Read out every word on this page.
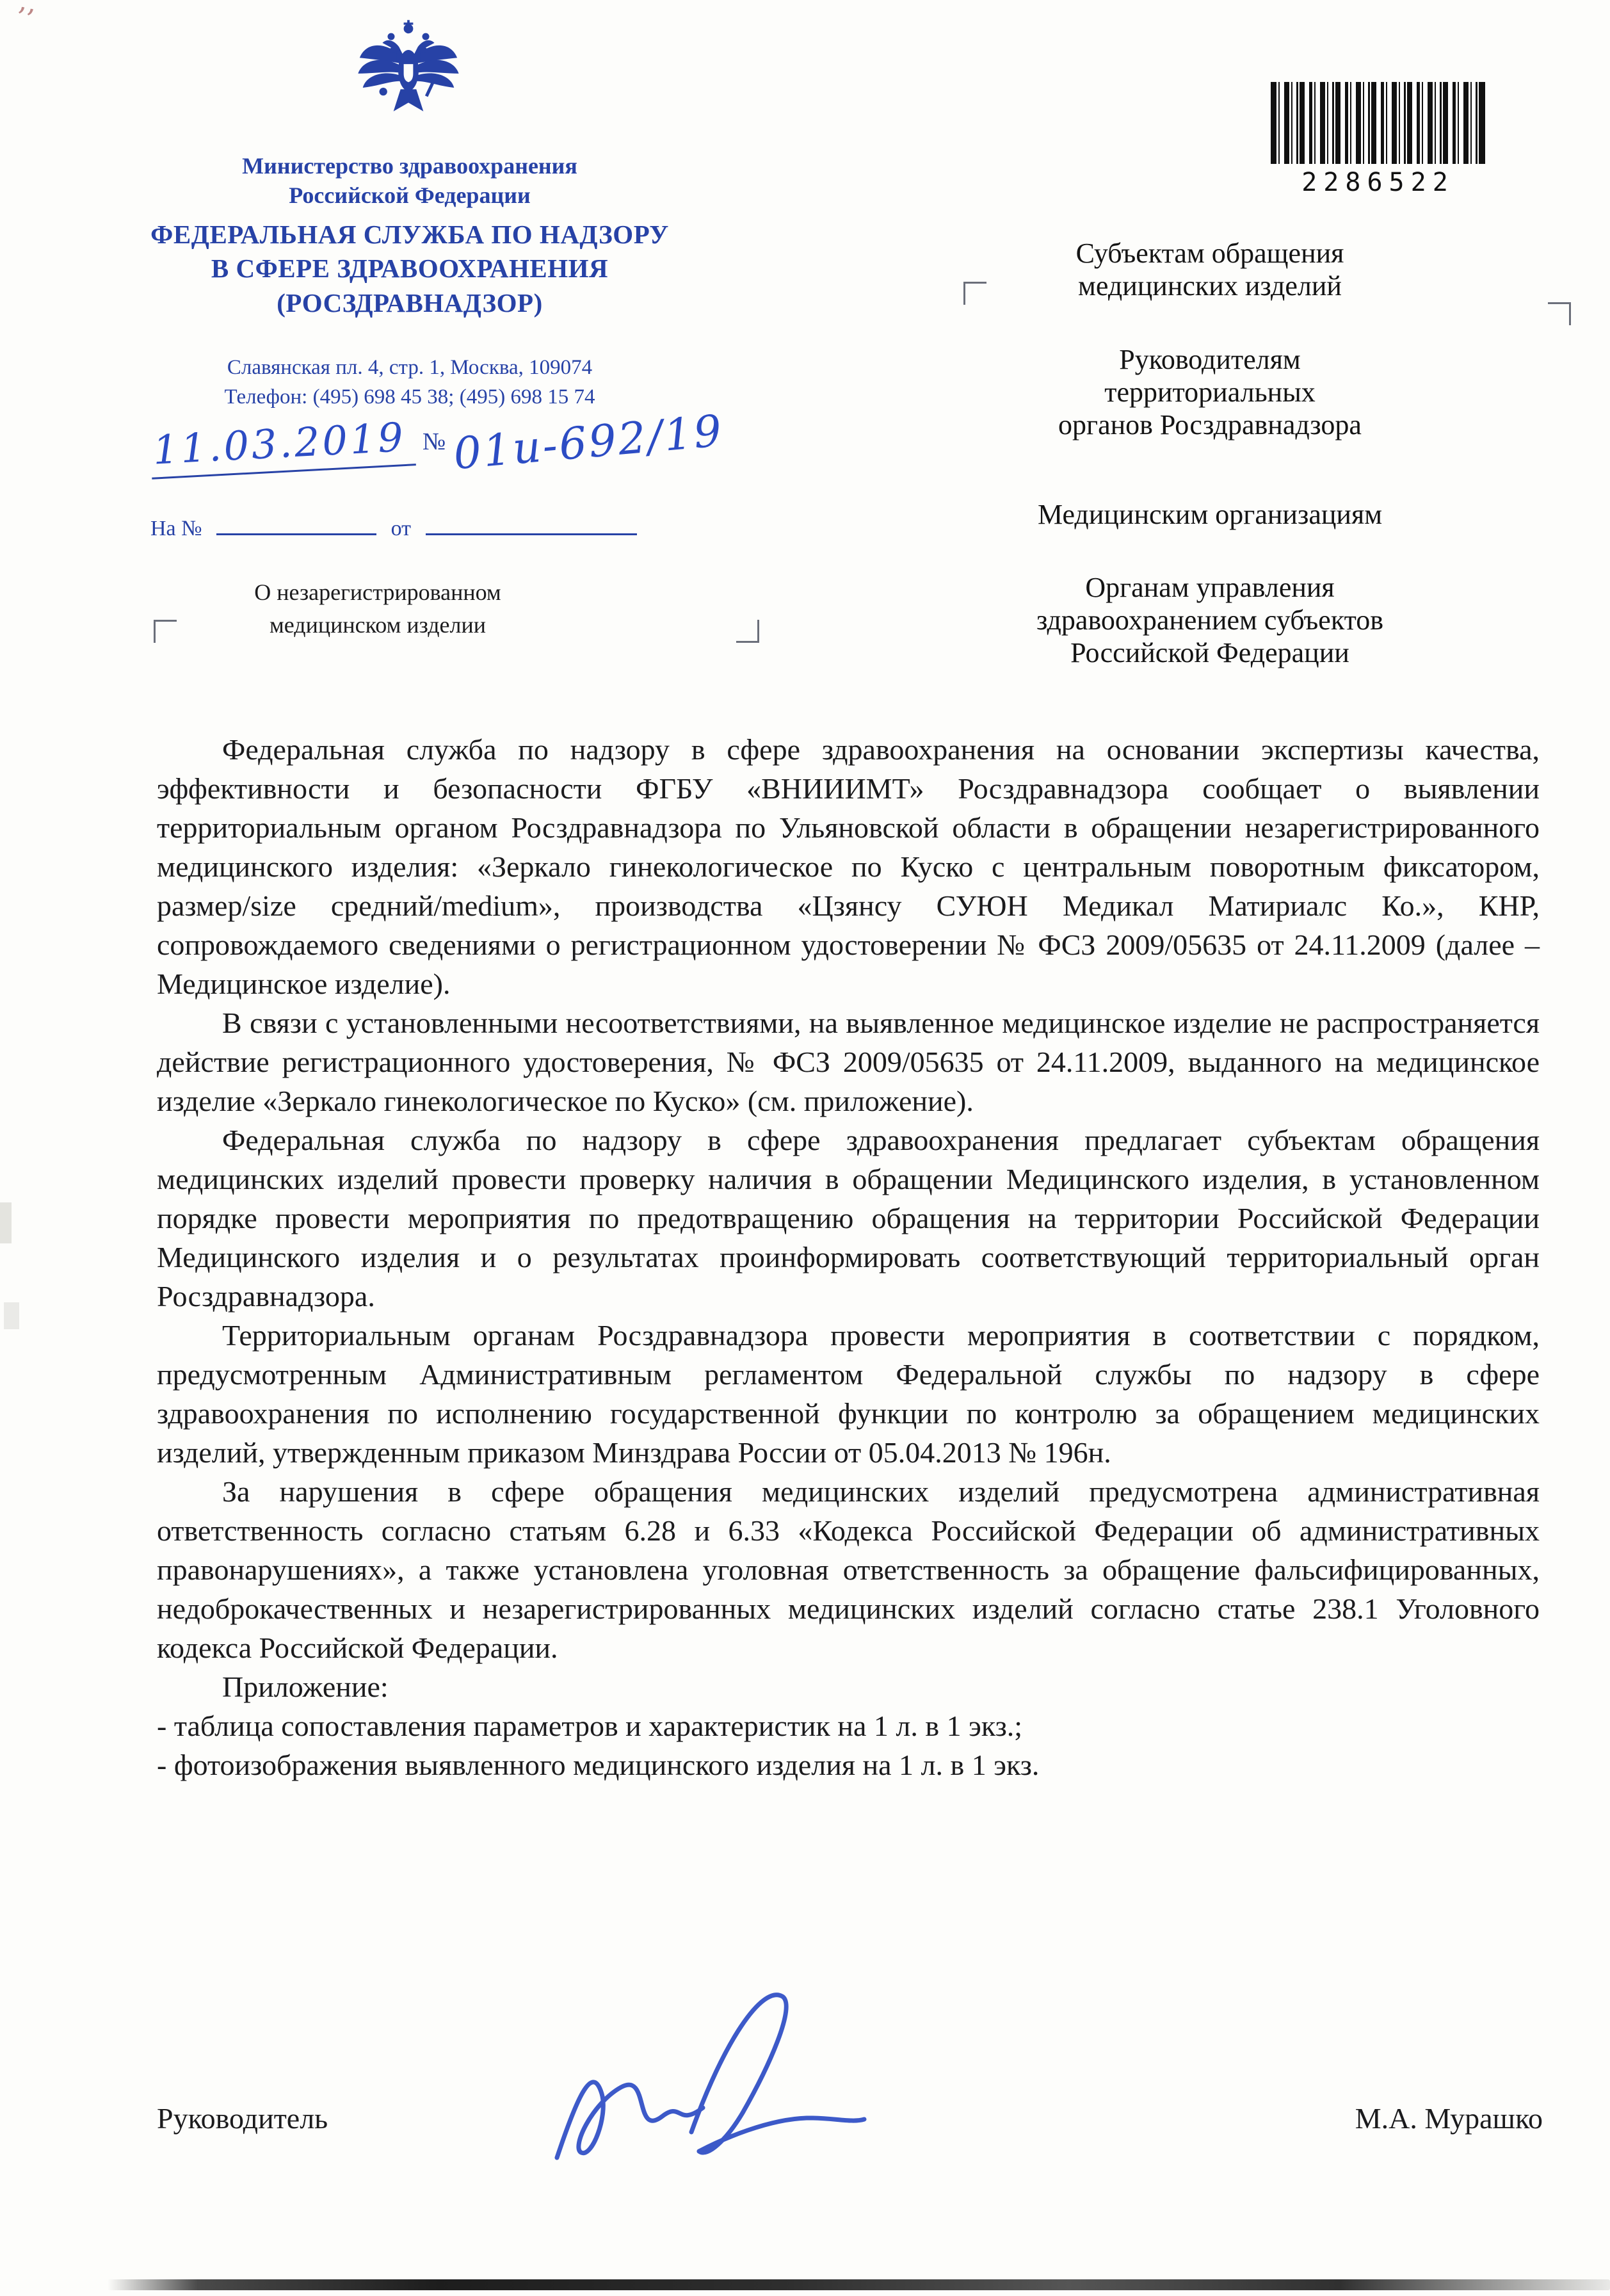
’’
Министерство здравоохранения
Российской Федерации
ФЕДЕРАЛЬНАЯ СЛУЖБА ПО НАДЗОРУ
В СФЕРЕ ЗДРАВООХРАНЕНИЯ
(РОСЗДРАВНАДЗОР)
Славянская пл. 4, стр. 1, Москва, 109074
Телефон: (495) 698 45 38; (495) 698 15 74
11.03.2019 № 01и-692/19
На №	от
О незарегистрированном
медицинском изделии
2286522
Субъектам обращения
медицинских изделий
Руководителям
территориальных
органов Росздравнадзора
Медицинским организациям
Органам управления
здравоохранением субъектов
Российской Федерации

Федеральная служба по надзору в сфере здравоохранения на основании экспертизы качества, эффективности и безопасности ФГБУ «ВНИИИМТ» Росздравнадзора сообщает о выявлении территориальным органом Росздравнадзора по Ульяновской области в обращении незарегистрированного медицинского изделия: «Зеркало гинекологическое по Куско с центральным поворотным фиксатором, размер/size средний/medium», производства «Цзянсу СУЮН Медикал Матириалс Ко.», КНР, сопровождаемого сведениями о регистрационном удостоверении № ФСЗ 2009/05635 от 24.11.2009 (далее – Медицинское изделие).

В связи с установленными несоответствиями, на выявленное медицинское изделие не распространяется действие регистрационного удостоверения, № ФСЗ 2009/05635 от 24.11.2009, выданного на медицинское изделие «Зеркало гинекологическое по Куско» (см. приложение).

Федеральная служба по надзору в сфере здравоохранения предлагает субъектам обращения медицинских изделий провести проверку наличия в обращении Медицинского изделия, в установленном порядке провести мероприятия по предотвращению обращения на территории Российской Федерации Медицинского изделия и о результатах проинформировать соответствующий территориальный орган Росздравнадзора.

Территориальным органам Росздравнадзора провести мероприятия в соответствии с порядком, предусмотренным Административным регламентом Федеральной службы по надзору в сфере здравоохранения по исполнению государственной функции по контролю за обращением медицинских изделий, утвержденным приказом Минздрава России от 05.04.2013 № 196н.

За нарушения в сфере обращения медицинских изделий предусмотрена административная ответственность согласно статьям 6.28 и 6.33 «Кодекса Российской Федерации об административных правонарушениях», а также установлена уголовная ответственность за обращение фальсифицированных, недоброкачественных и незарегистрированных медицинских изделий согласно статье 238.1 Уголовного кодекса Российской Федерации.

Приложение:
- таблица сопоставления параметров и характеристик на 1 л. в 1 экз.;
- фотоизображения выявленного медицинского изделия на 1 л. в 1 экз.
Руководитель	М.А. Мурашко
